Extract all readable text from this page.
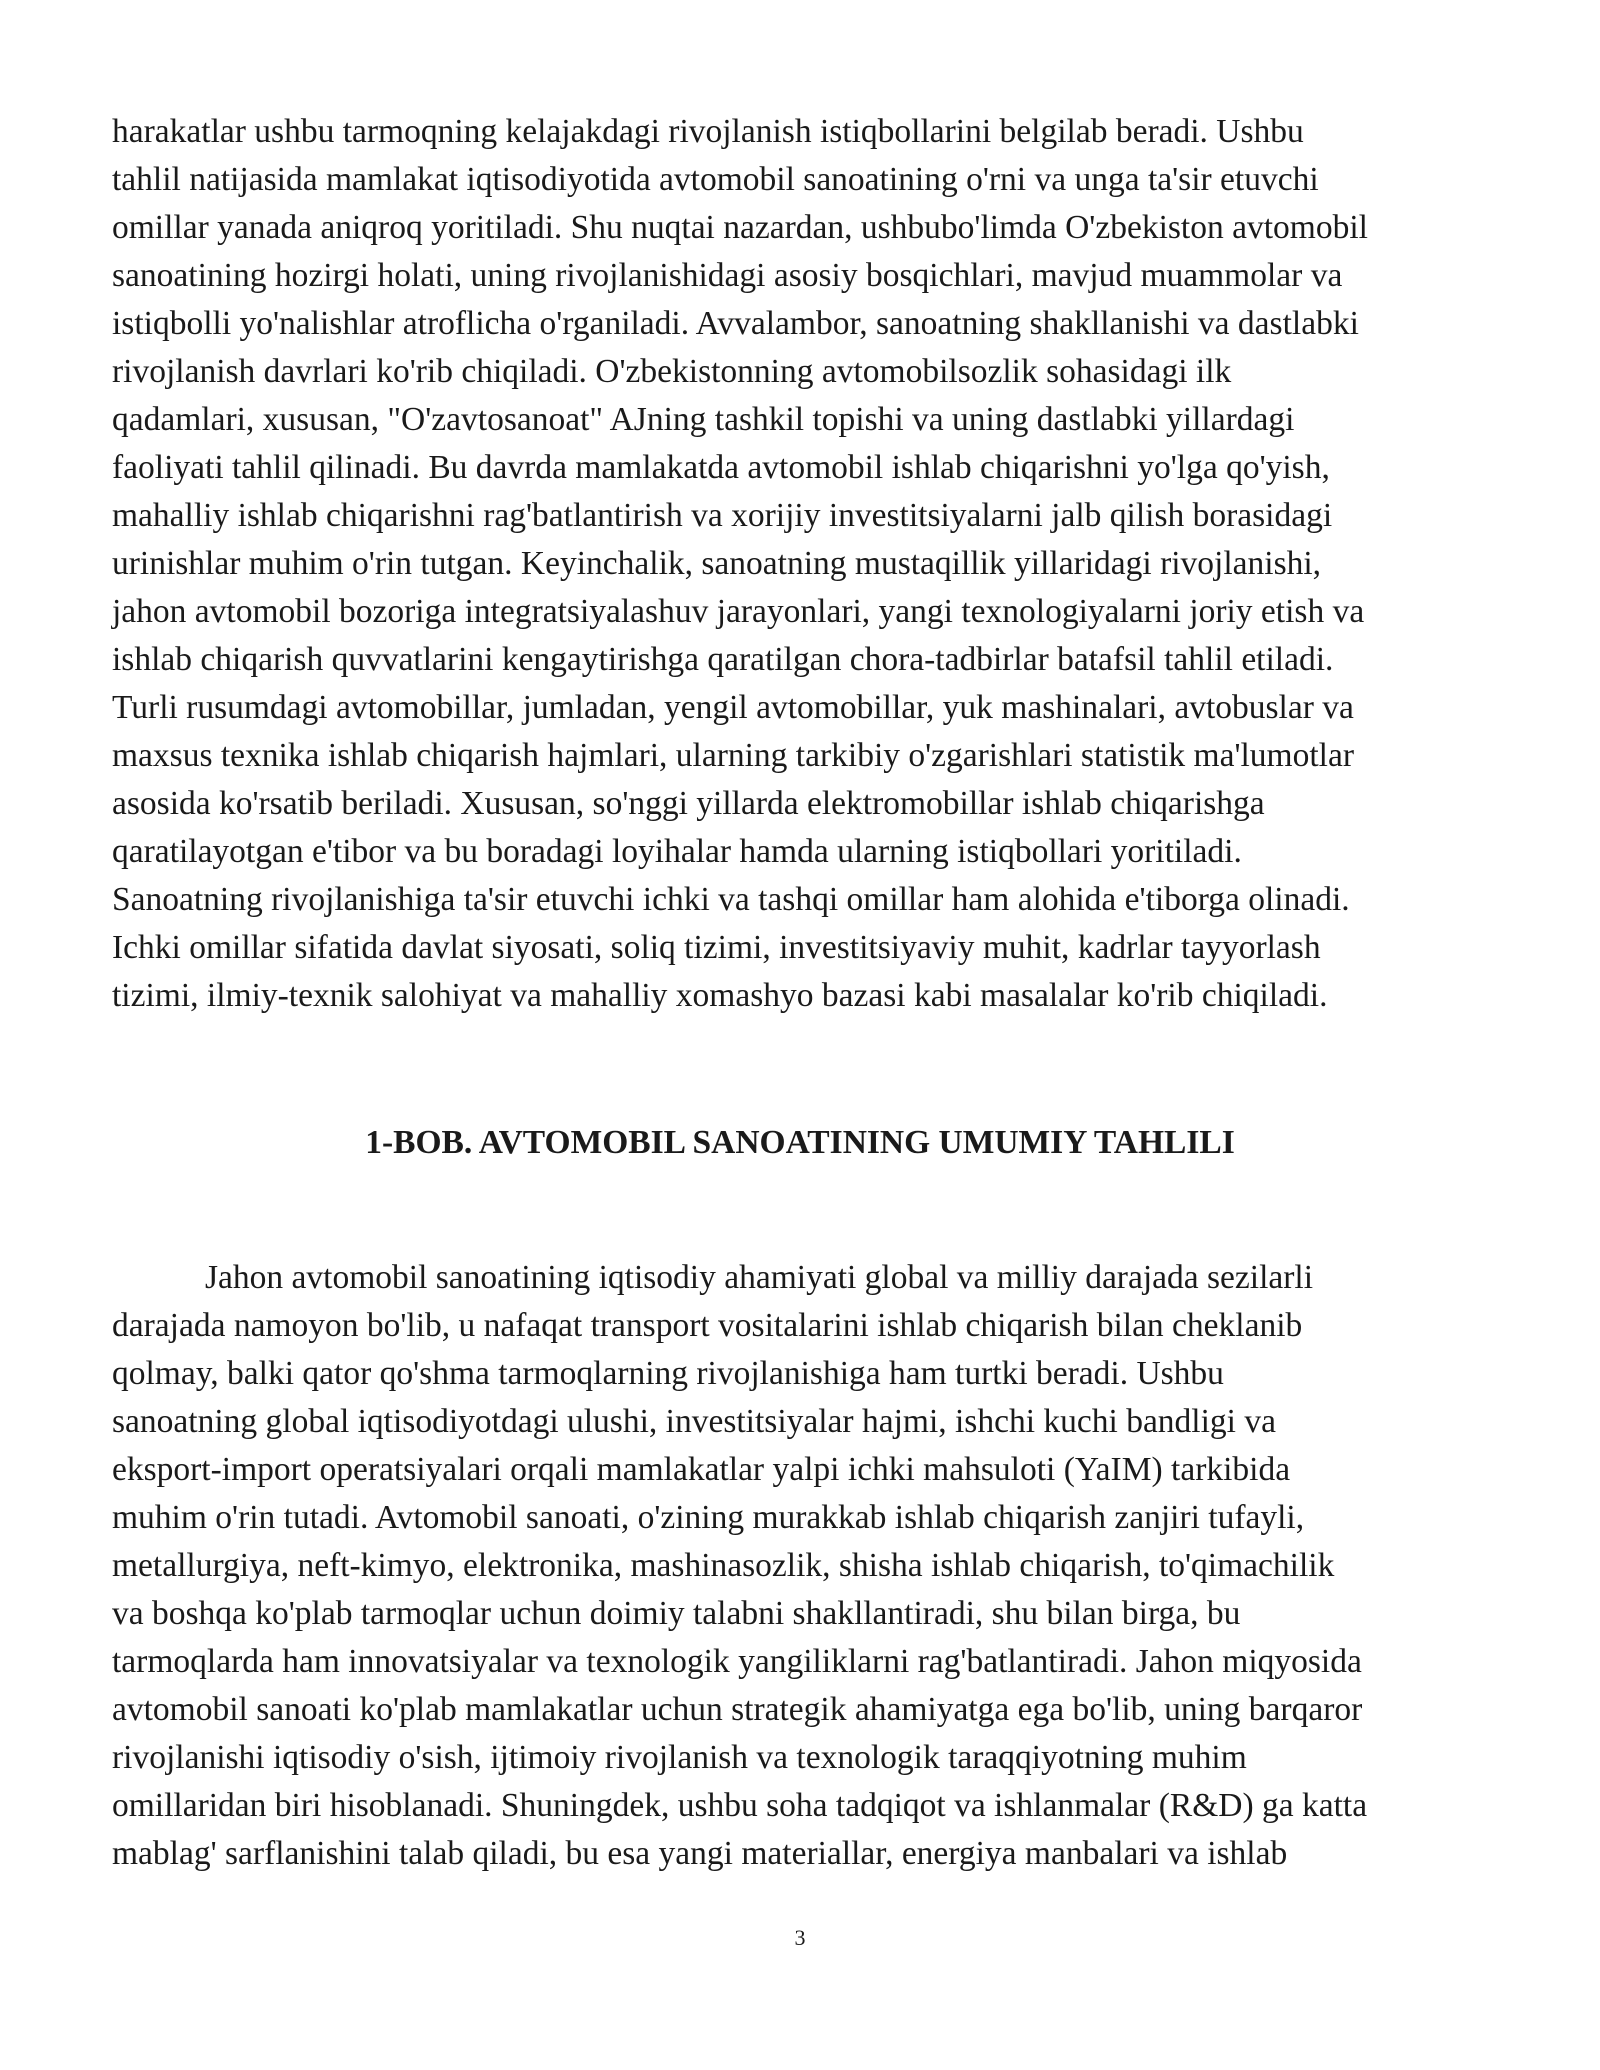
harakatlar ushbu tarmoqning kelajakdagi rivojlanish istiqbollarini belgilab beradi. Ushbu
tahlil natijasida mamlakat iqtisodiyotida avtomobil sanoatining o'rni va unga ta'sir etuvchi
omillar yanada aniqroq yoritiladi. Shu nuqtai nazardan, ushbubo'limda O'zbekiston avtomobil
sanoatining hozirgi holati, uning rivojlanishidagi asosiy bosqichlari, mavjud muammolar va
istiqbolli yo'nalishlar atroflicha o'rganiladi. Avvalambor, sanoatning shakllanishi va dastlabki
rivojlanish davrlari ko'rib chiqiladi. O'zbekistonning avtomobilsozlik sohasidagi ilk
qadamlari, xususan, "O'zavtosanoat" AJning tashkil topishi va uning dastlabki yillardagi
faoliyati tahlil qilinadi. Bu davrda mamlakatda avtomobil ishlab chiqarishni yo'lga qo'yish,
mahalliy ishlab chiqarishni rag'batlantirish va xorijiy investitsiyalarni jalb qilish borasidagi
urinishlar muhim o'rin tutgan. Keyinchalik, sanoatning mustaqillik yillaridagi rivojlanishi,
jahon avtomobil bozoriga integratsiyalashuv jarayonlari, yangi texnologiyalarni joriy etish va
ishlab chiqarish quvvatlarini kengaytirishga qaratilgan chora-tadbirlar batafsil tahlil etiladi.
Turli rusumdagi avtomobillar, jumladan, yengil avtomobillar, yuk mashinalari, avtobuslar va
maxsus texnika ishlab chiqarish hajmlari, ularning tarkibiy o'zgarishlari statistik ma'lumotlar
asosida ko'rsatib beriladi. Xususan, so'nggi yillarda elektromobillar ishlab chiqarishga
qaratilayotgan e'tibor va bu boradagi loyihalar hamda ularning istiqbollari yoritiladi.
Sanoatning rivojlanishiga ta'sir etuvchi ichki va tashqi omillar ham alohida e'tiborga olinadi.
Ichki omillar sifatida davlat siyosati, soliq tizimi, investitsiyaviy muhit, kadrlar tayyorlash
tizimi, ilmiy-texnik salohiyat va mahalliy xomashyo bazasi kabi masalalar ko'rib chiqiladi.
1-BOB. AVTOMOBIL SANOATINING UMUMIY TAHLILI
Jahon avtomobil sanoatining iqtisodiy ahamiyati global va milliy darajada sezilarli
darajada namoyon bo'lib, u nafaqat transport vositalarini ishlab chiqarish bilan cheklanib
qolmay, balki qator qo'shma tarmoqlarning rivojlanishiga ham turtki beradi. Ushbu
sanoatning global iqtisodiyotdagi ulushi, investitsiyalar hajmi, ishchi kuchi bandligi va
eksport-import operatsiyalari orqali mamlakatlar yalpi ichki mahsuloti (YaIM) tarkibida
muhim o'rin tutadi. Avtomobil sanoati, o'zining murakkab ishlab chiqarish zanjiri tufayli,
metallurgiya, neft-kimyo, elektronika, mashinasozlik, shisha ishlab chiqarish, to'qimachilik
va boshqa ko'plab tarmoqlar uchun doimiy talabni shakllantiradi, shu bilan birga, bu
tarmoqlarda ham innovatsiyalar va texnologik yangiliklarni rag'batlantiradi. Jahon miqyosida
avtomobil sanoati ko'plab mamlakatlar uchun strategik ahamiyatga ega bo'lib, uning barqaror
rivojlanishi iqtisodiy o'sish, ijtimoiy rivojlanish va texnologik taraqqiyotning muhim
omillaridan biri hisoblanadi. Shuningdek, ushbu soha tadqiqot va ishlanmalar (R&D) ga katta
mablag' sarflanishini talab qiladi, bu esa yangi materiallar, energiya manbalari va ishlab
3
